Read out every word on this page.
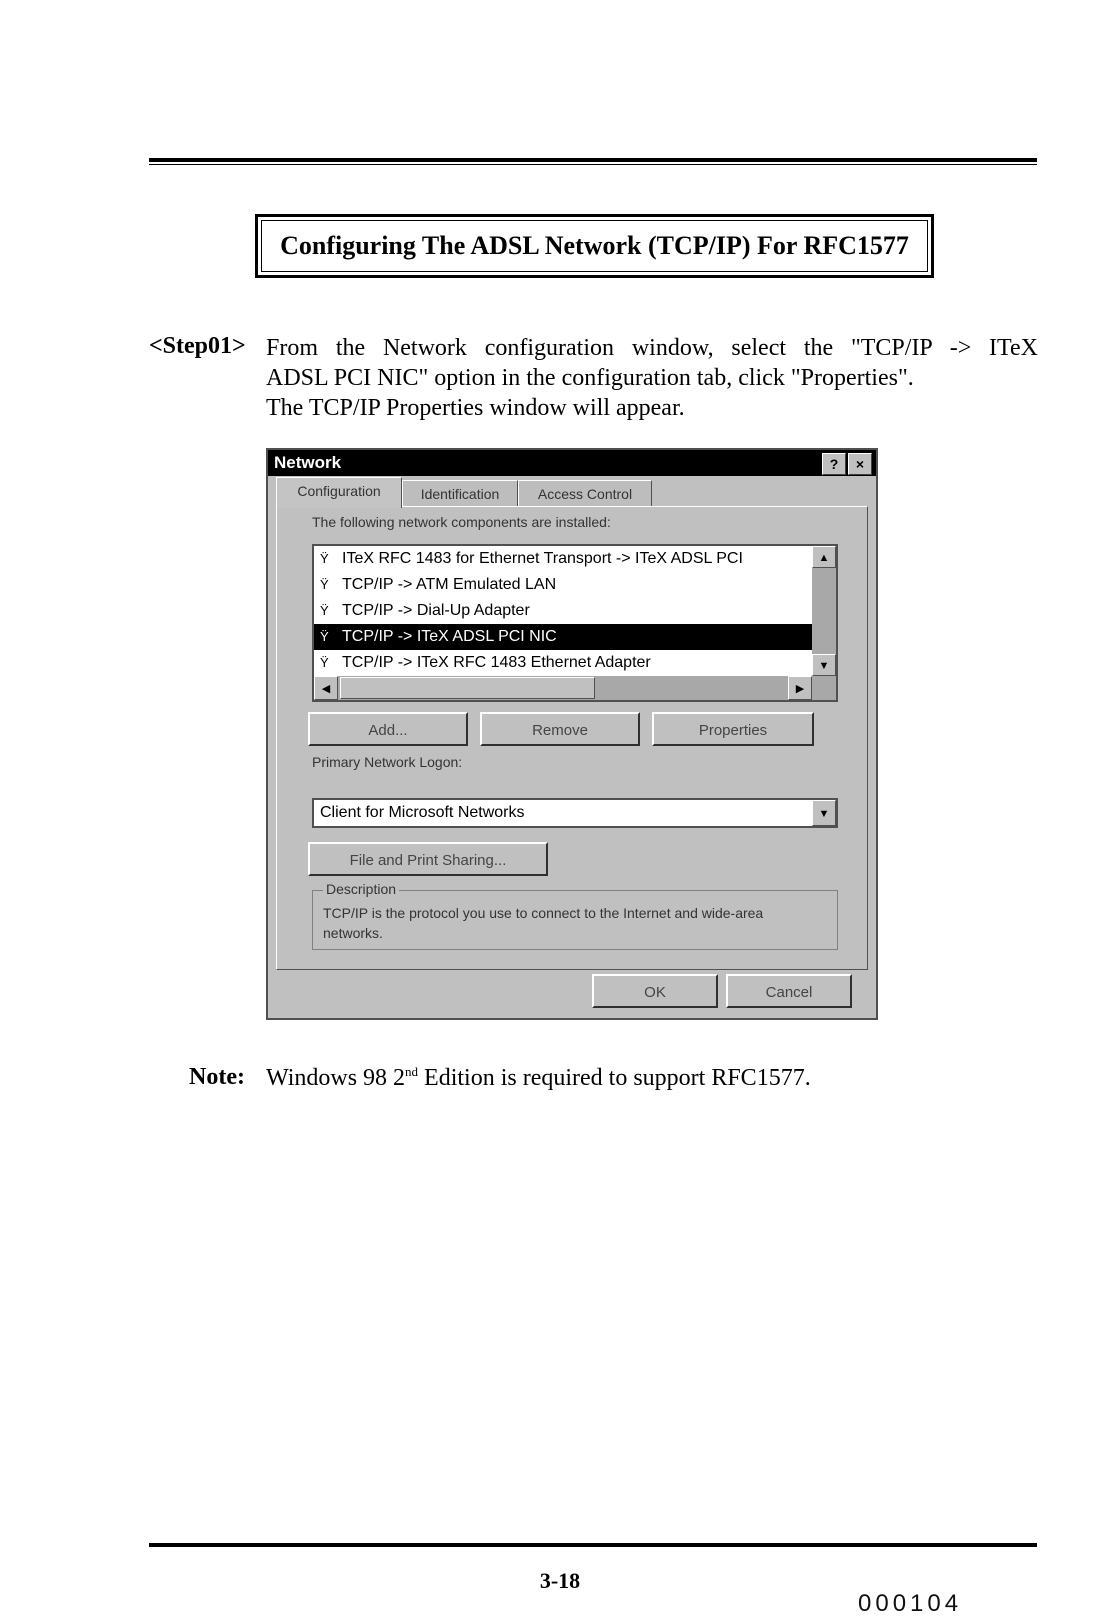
Configuring The ADSL Network (TCP/IP) For RFC1577
<Step01> From the Network configuration window, select the "TCP/IP -> ITeX
ADSL PCI NIC" option in the configuration tab, click "Properties".
The TCP/IP Properties window will appear.
Network	?	×
Configuration	Identification	Access Control
The following network components are installed:
Ÿ ITeX RFC 1483 for Ethernet Transport -> ITeX ADSL PCI
Ÿ TCP/IP -> ATM Emulated LAN
Ÿ TCP/IP -> Dial-Up Adapter
Ÿ TCP/IP -> ITeX ADSL PCI NIC
Ÿ TCP/IP -> ITeX RFC 1483 Ethernet Adapter
▲
▼
◀	▶
Add...	Remove	Properties
Primary Network Logon:
Client for Microsoft Networks	▼
File and Print Sharing...
Description
TCP/IP is the protocol you use to connect to the Internet and wide-area networks.
OK	Cancel
Note: Windows 98 2nd Edition is required to support RFC1577.
3-18
000104
